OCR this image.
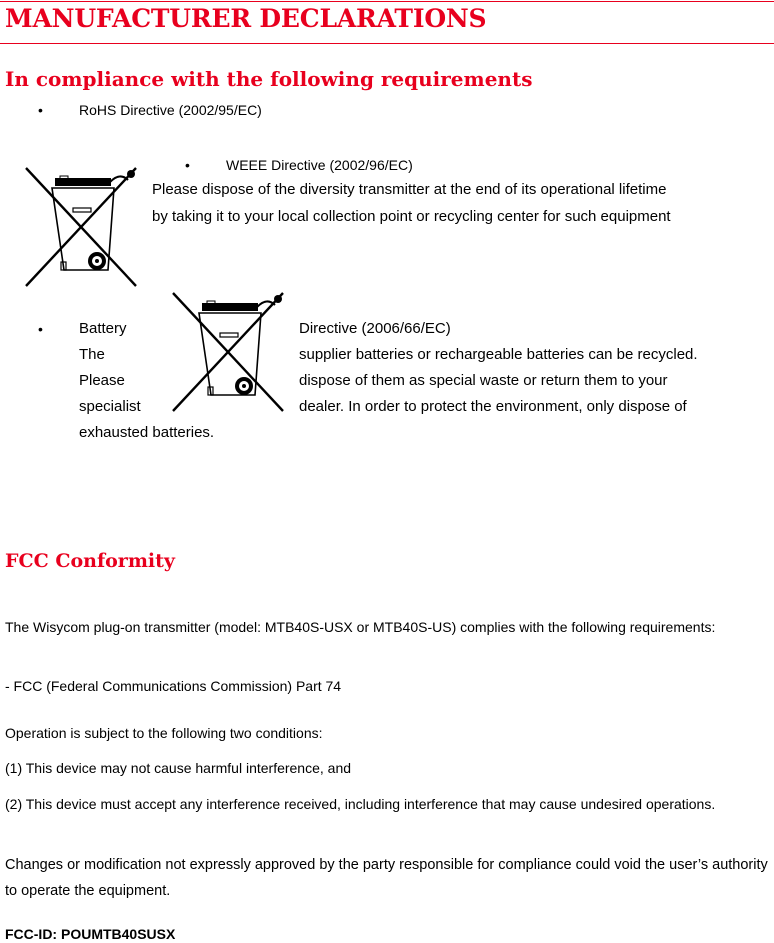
MANUFACTURER DECLARATIONS
In compliance with the following requirements
•	RoHS Directive (2002/95/EC)
•	WEEE Directive (2002/96/EC)
Please dispose of the diversity transmitter at the end of its operational lifetime
by taking it to your local collection point or recycling center for such equipment
• Battery
The
Please
specialist
Directive (2006/66/EC)
supplier batteries or rechargeable batteries can be recycled.
dispose of them as special waste or return them to your
dealer. In order to protect the environment, only dispose of
exhausted batteries.
FCC Conformity
The Wisycom plug-on transmitter (model: MTB40S-USX or MTB40S-US) complies with the following requirements:
- FCC (Federal Communications Commission) Part 74
Operation is subject to the following two conditions:
(1) This device may not cause harmful interference, and
(2) This device must accept any interference received, including interference that may cause undesired operations.
Changes or modification not expressly approved by the party responsible for compliance could void the user’s authority to operate the equipment.
FCC-ID: POUMTB40SUSX
